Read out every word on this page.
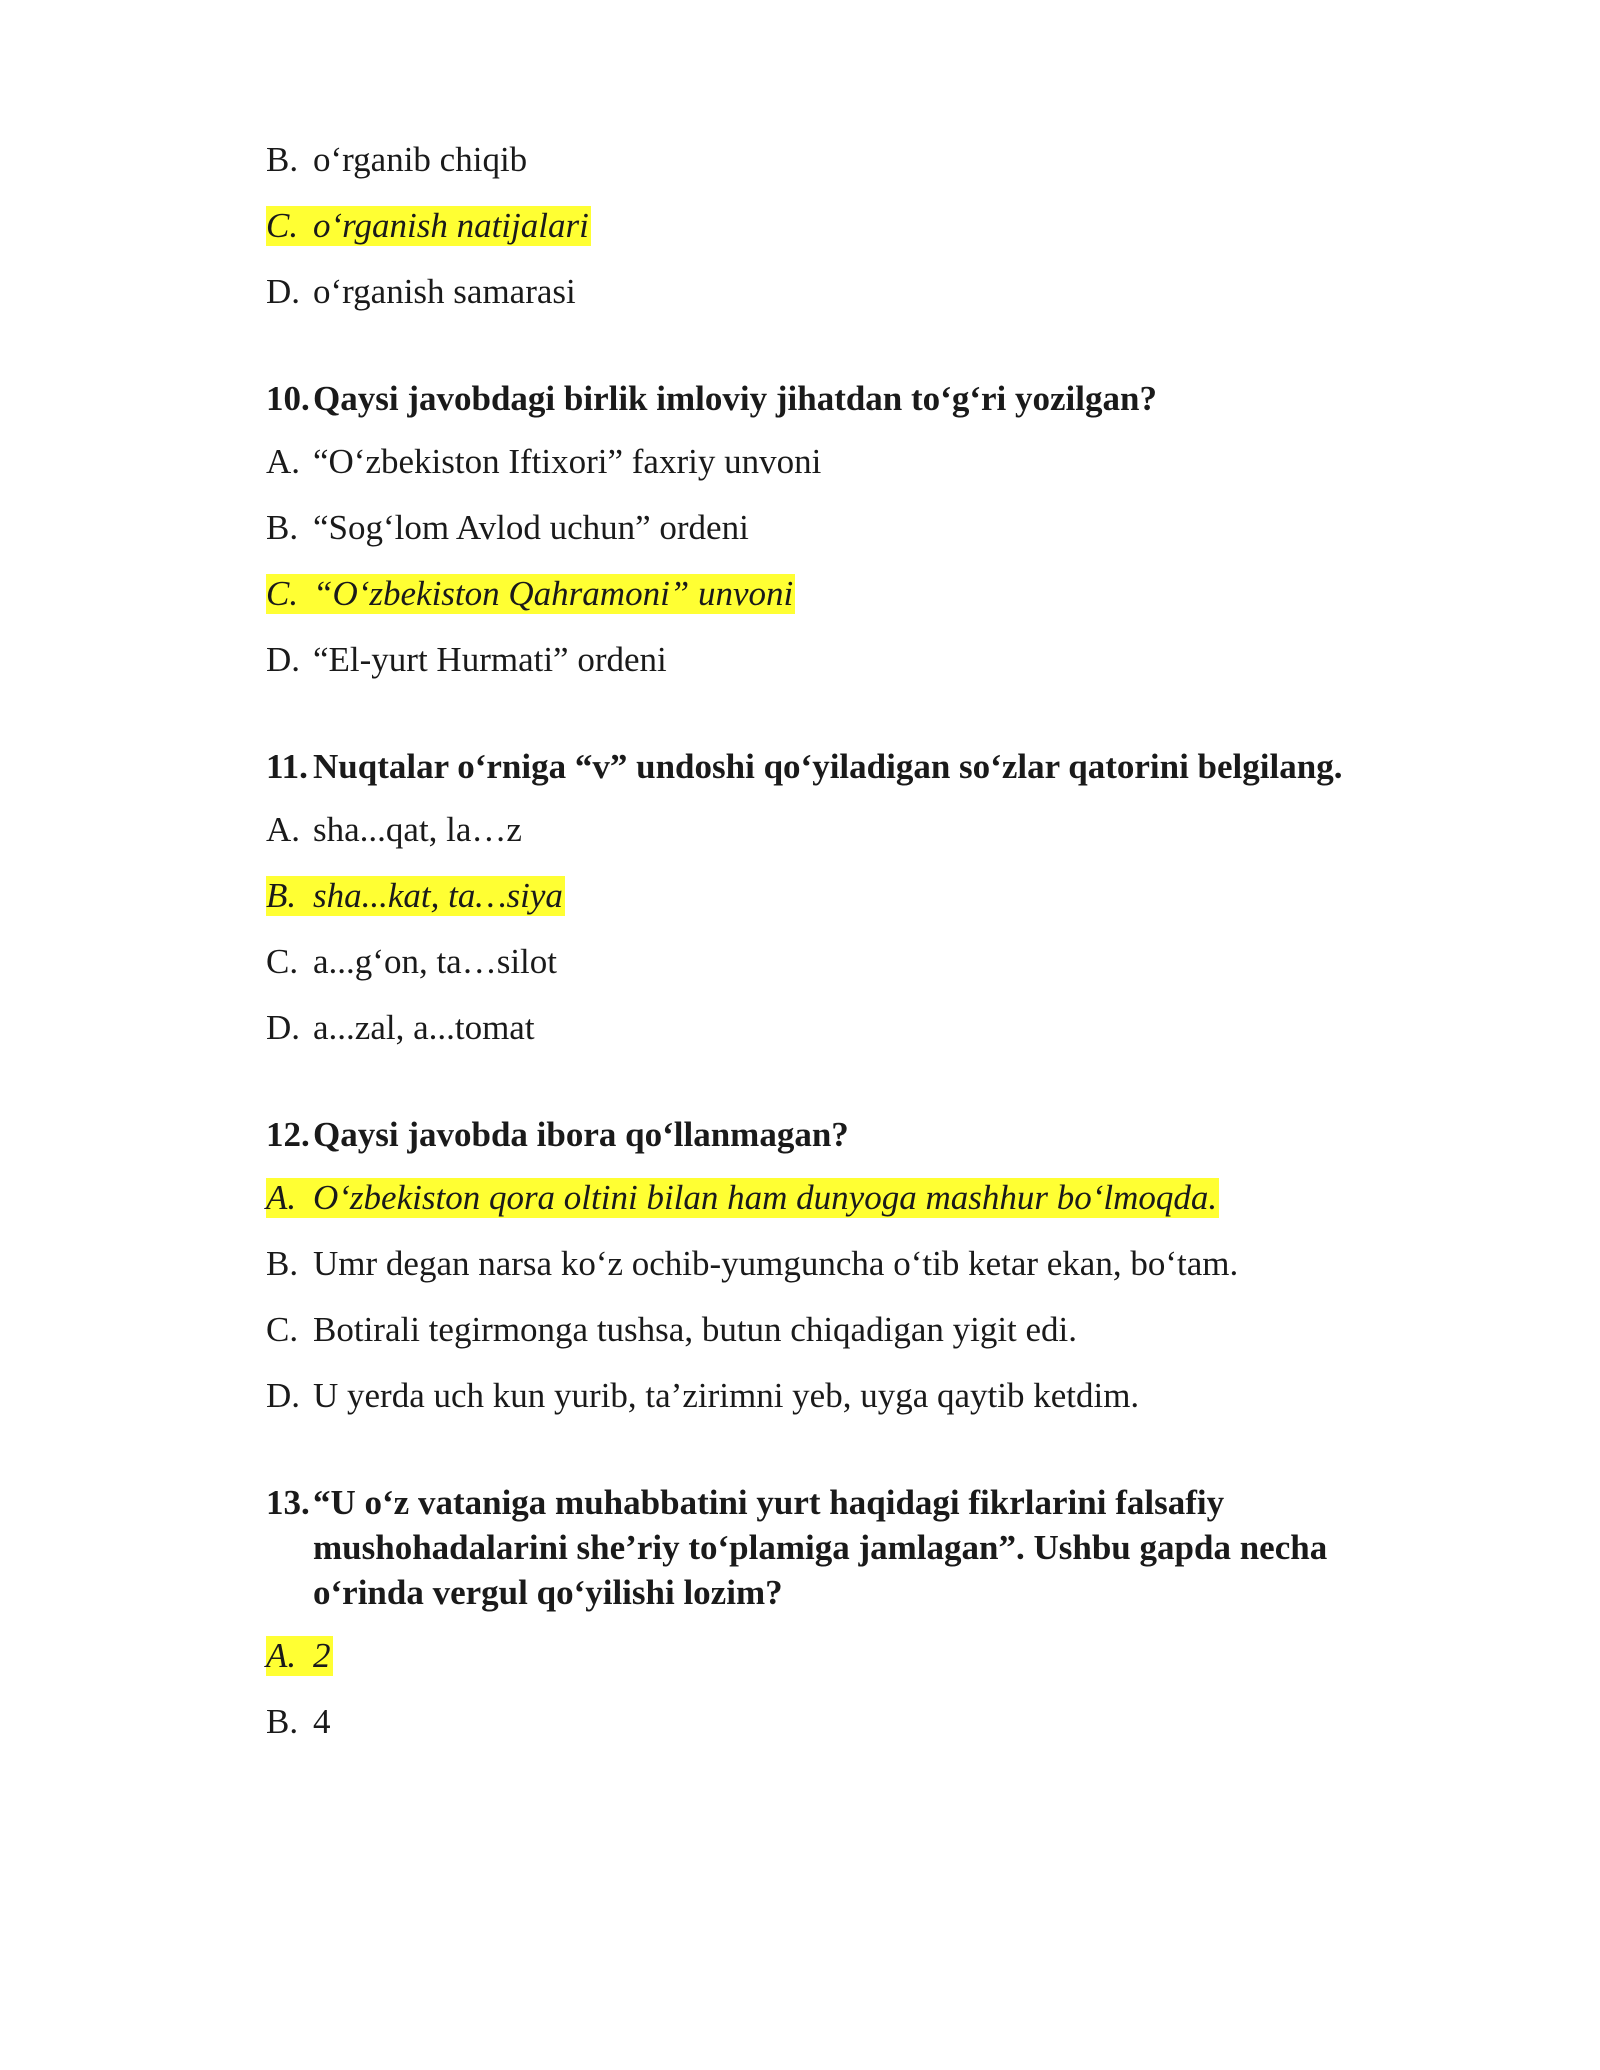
B. o‘rganib chiqib
C. o‘rganish natijalari
D. o‘rganish samarasi
10. Qaysi javobdagi birlik imloviy jihatdan to‘g‘ri yozilgan?
A. “O‘zbekiston Iftixori” faxriy unvoni
B. “Sog‘lom Avlod uchun” ordeni
C. “O‘zbekiston Qahramoni” unvoni
D. “El-yurt Hurmati” ordeni
11. Nuqtalar o‘rniga “v” undoshi qo‘yiladigan so‘zlar qatorini belgilang.
A. sha...qat, la…z
B. sha...kat, ta…siya
C. a...g‘on, ta…silot
D. a...zal, a...tomat
12. Qaysi javobda ibora qo‘llanmagan?
A. O‘zbekiston qora oltini bilan ham dunyoga mashhur bo‘lmoqda.
B. Umr degan narsa ko‘z ochib-yumguncha o‘tib ketar ekan, bo‘tam.
C. Botirali tegirmonga tushsa, butun chiqadigan yigit edi.
D. U yerda uch kun yurib, ta’zirimni yeb, uyga qaytib ketdim.
13. “U o‘z vataniga muhabbatini yurt haqidagi fikrlarini falsafiy mushohadalarini she’riy to‘plamiga jamlagan”. Ushbu gapda necha o‘rinda vergul qo‘yilishi lozim?
A. 2
B. 4
